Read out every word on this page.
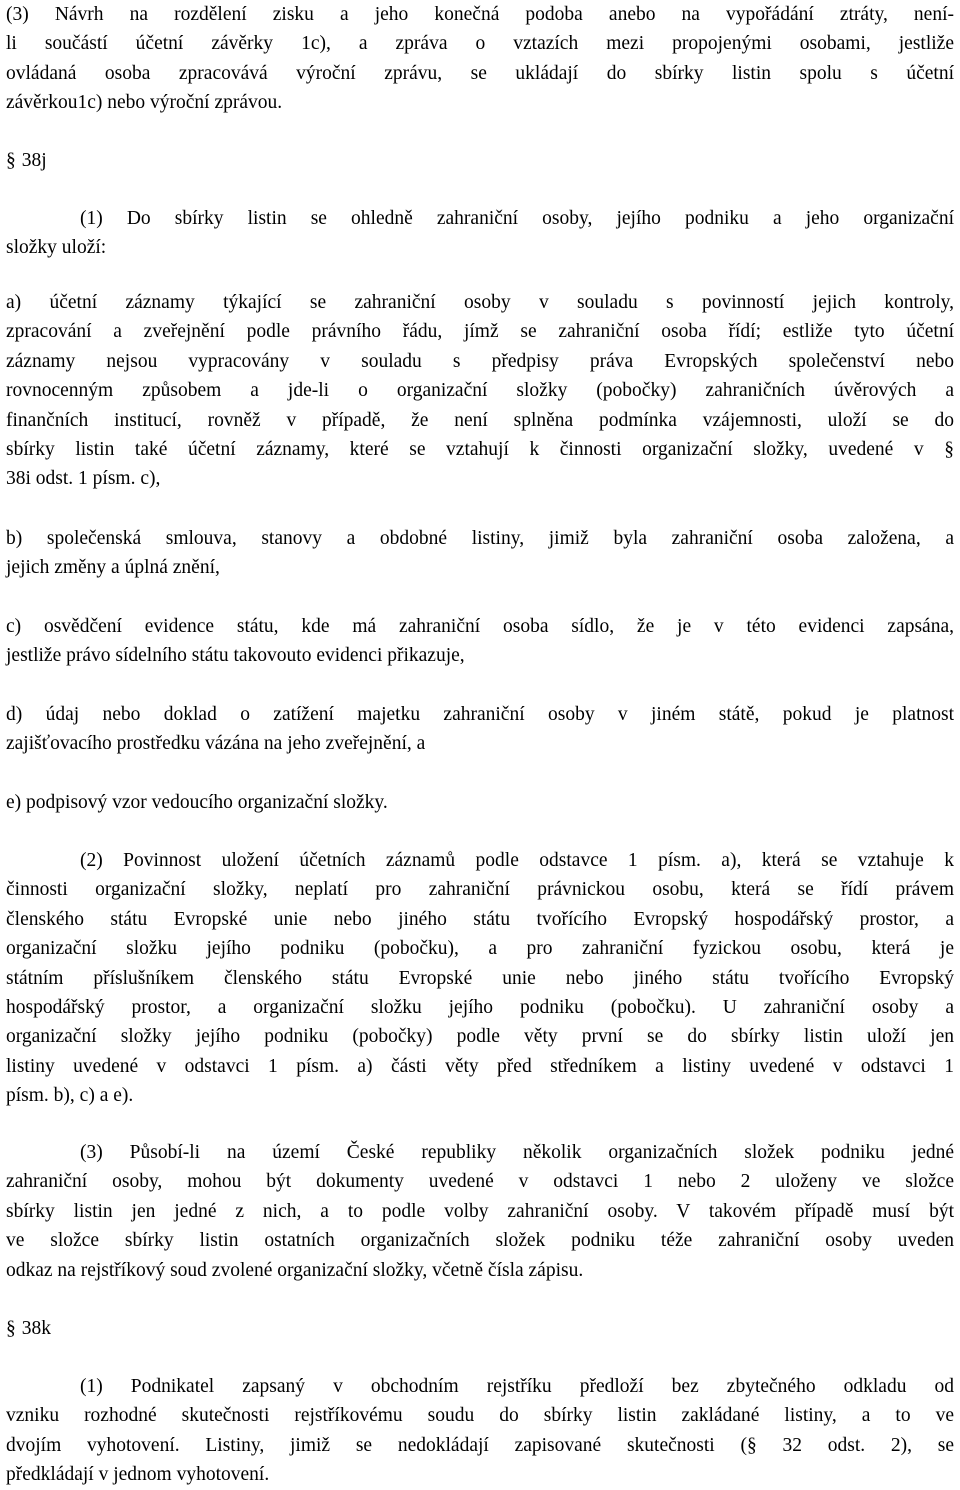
(3) Návrh na rozdělení zisku a jeho konečná podoba anebo na vypořádání ztráty, není-
li součástí účetní závěrky 1c), a zpráva o vztazích mezi propojenými osobami, jestliže
ovládaná osoba zpracovává výroční zprávu, se ukládají do sbírky listin spolu s účetní
závěrkou1c) nebo výroční zprávou.

§ 38j

(1) Do sbírky listin se ohledně zahraniční osoby, jejího podniku a jeho organizační
složky uloží:

a) účetní záznamy týkající se zahraniční osoby v souladu s povinností jejich kontroly,
zpracování a zveřejnění podle právního řádu, jímž se zahraniční osoba řídí; estliže tyto účetní
záznamy nejsou vypracovány v souladu s předpisy práva Evropských společenství nebo
rovnocenným způsobem a jde-li o organizační složky (pobočky) zahraničních úvěrových a
finančních institucí, rovněž v případě, že není splněna podmínka vzájemnosti, uloží se do
sbírky listin také účetní záznamy, které se vztahují k činnosti organizační složky, uvedené v §
38i odst. 1 písm. c),

b) společenská smlouva, stanovy a obdobné listiny, jimiž byla zahraniční osoba založena, a
jejich změny a úplná znění,

c) osvědčení evidence státu, kde má zahraniční osoba sídlo, že je v této evidenci zapsána,
jestliže právo sídelního státu takovouto evidenci přikazuje,

d) údaj nebo doklad o zatížení majetku zahraniční osoby v jiném státě, pokud je platnost
zajišťovacího prostředku vázána na jeho zveřejnění, a

e) podpisový vzor vedoucího organizační složky.

(2) Povinnost uložení účetních záznamů podle odstavce 1 písm. a), která se vztahuje k
činnosti organizační složky, neplatí pro zahraniční právnickou osobu, která se řídí právem
členského státu Evropské unie nebo jiného státu tvořícího Evropský hospodářský prostor, a
organizační složku jejího podniku (pobočku), a pro zahraniční fyzickou osobu, která je
státním příslušníkem členského státu Evropské unie nebo jiného státu tvořícího Evropský
hospodářský prostor, a organizační složku jejího podniku (pobočku). U zahraniční osoby a
organizační složky jejího podniku (pobočky) podle věty první se do sbírky listin uloží jen
listiny uvedené v odstavci 1 písm. a) části věty před středníkem a listiny uvedené v odstavci 1
písm. b), c) a e).

(3) Působí-li na území České republiky několik organizačních složek podniku jedné
zahraniční osoby, mohou být dokumenty uvedené v odstavci 1 nebo 2 uloženy ve složce
sbírky listin jen jedné z nich, a to podle volby zahraniční osoby. V takovém případě musí být
ve složce sbírky listin ostatních organizačních složek podniku téže zahraniční osoby uveden
odkaz na rejstříkový soud zvolené organizační složky, včetně čísla zápisu.

§ 38k

(1) Podnikatel zapsaný v obchodním rejstříku předloží bez zbytečného odkladu od
vzniku rozhodné skutečnosti rejstříkovému soudu do sbírky listin zakládané listiny, a to ve
dvojím vyhotovení. Listiny, jimiž se nedokládají zapisované skutečnosti (§ 32 odst. 2), se
předkládají v jednom vyhotovení.
